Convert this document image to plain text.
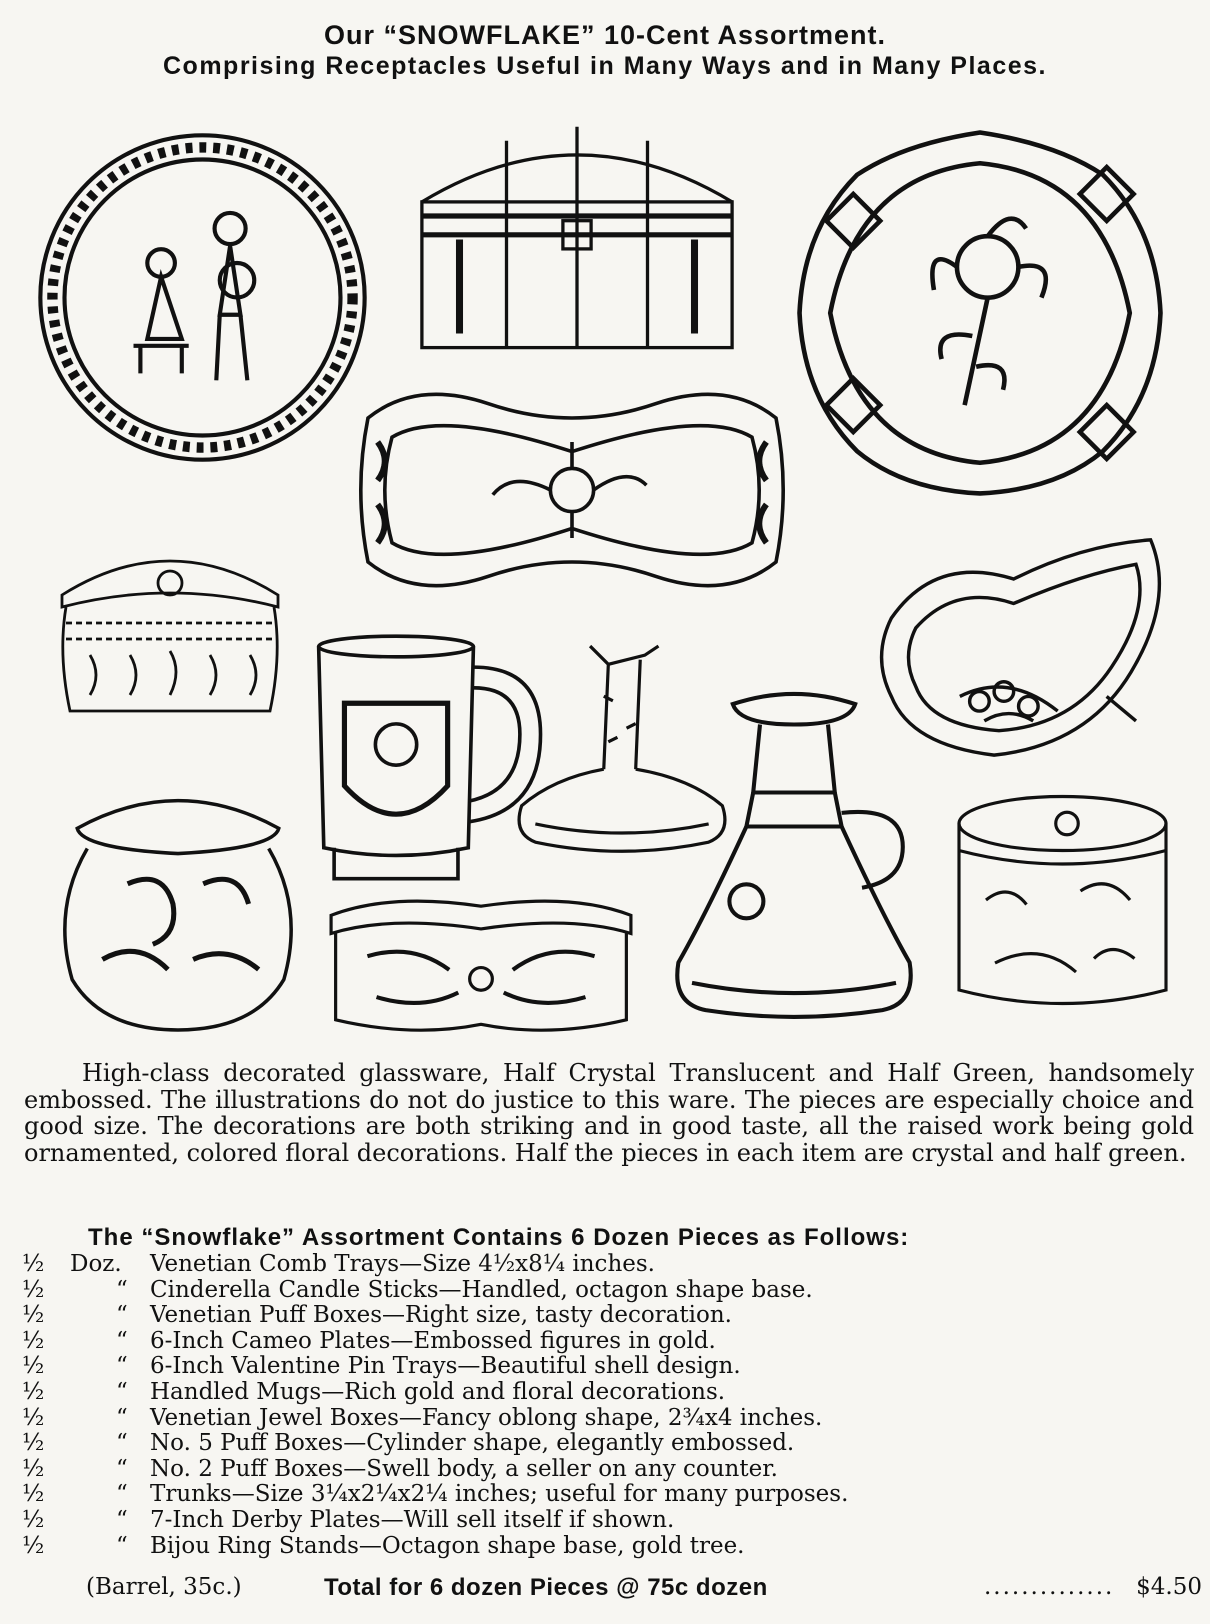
Our “SNOWFLAKE” 10-Cent Assortment.
Comprising Receptacles Useful in Many Ways and in Many Places.

High-class decorated glassware, Half Crystal Translucent and Half Green, handsomely embossed. The illustrations do not do justice to this ware. The pieces are especially choice and good size. The decorations are both striking and in good taste, all the raised work being gold ornamented, colored floral decorations. Half the pieces in each item are crystal and half green.

The “Snowflake” Assortment Contains 6 Dozen Pieces as Follows:
½ Doz.	Venetian Comb Trays—Size 4½x8¼ inches.
½	“ Cinderella Candle Sticks—Handled, octagon shape base.
½	“ Venetian Puff Boxes—Right size, tasty decoration.
½	“ 6-Inch Cameo Plates—Embossed figures in gold.
½	“ 6-Inch Valentine Pin Trays—Beautiful shell design.
½	“ Handled Mugs—Rich gold and floral decorations.
½	“ Venetian Jewel Boxes—Fancy oblong shape, 2¾x4 inches.
½	“ No. 5 Puff Boxes—Cylinder shape, elegantly embossed.
½	“ No. 2 Puff Boxes—Swell body, a seller on any counter.
½	“ Trunks—Size 3¼x2¼x2¼ inches; useful for many purposes.
½	“ 7-Inch Derby Plates—Will sell itself if shown.
½	“ Bijou Ring Stands—Octagon shape base, gold tree.
(Barrel, 35c.)	Total for 6 dozen Pieces @ 75c dozen	.............. $4.50
